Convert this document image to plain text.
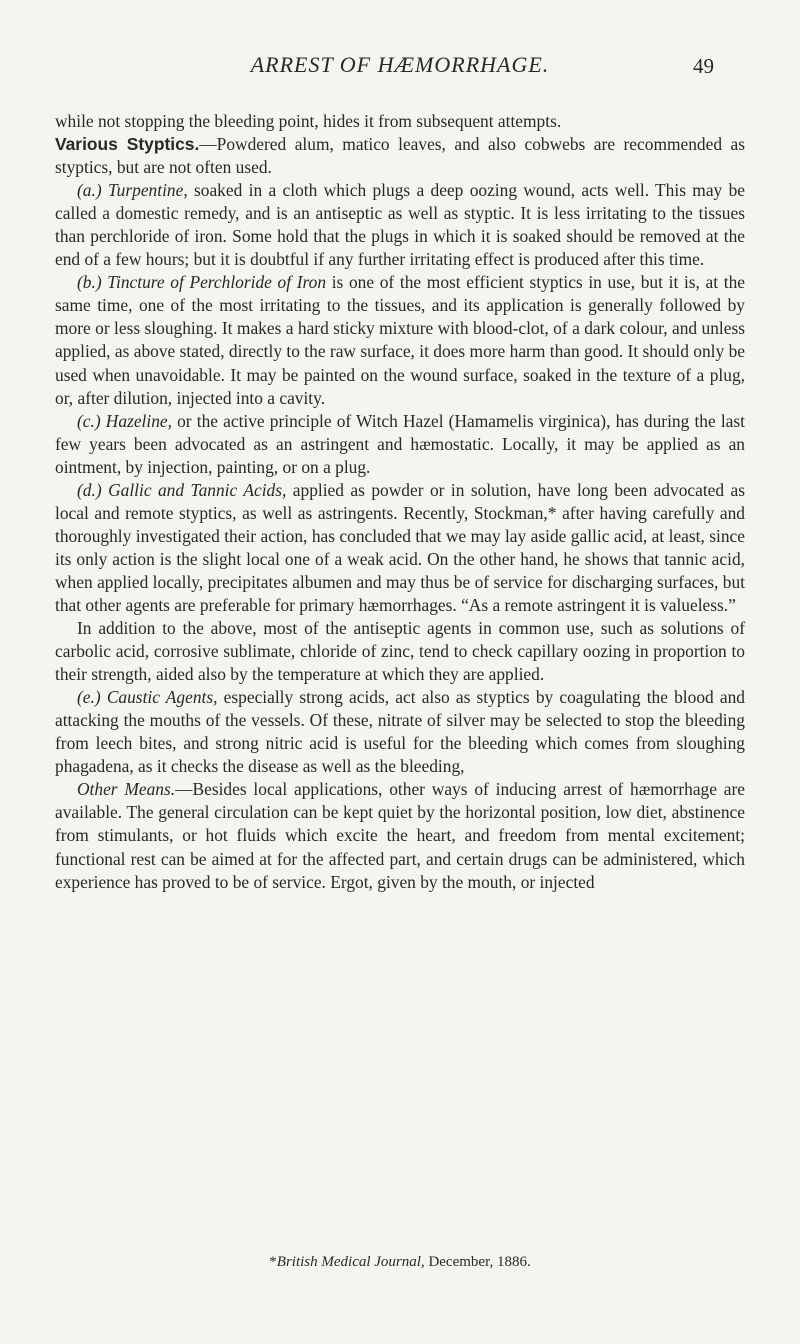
ARREST OF HÆMORRHAGE.	49

while not stopping the bleeding point, hides it from subsequent attempts.

Various Styptics.—Powdered alum, matico leaves, and also cobwebs are recommended as styptics, but are not often used.

(a.) Turpentine, soaked in a cloth which plugs a deep oozing wound, acts well. This may be called a domestic remedy, and is an antiseptic as well as styptic. It is less irritating to the tissues than perchloride of iron. Some hold that the plugs in which it is soaked should be removed at the end of a few hours; but it is doubtful if any further irritating effect is produced after this time.

(b.) Tincture of Perchloride of Iron is one of the most efficient styptics in use, but it is, at the same time, one of the most irritating to the tissues, and its application is generally followed by more or less sloughing. It makes a hard sticky mixture with blood-clot, of a dark colour, and unless applied, as above stated, directly to the raw surface, it does more harm than good. It should only be used when unavoidable. It may be painted on the wound surface, soaked in the texture of a plug, or, after dilution, injected into a cavity.

(c.) Hazeline, or the active principle of Witch Hazel (Hamamelis virginica), has during the last few years been advocated as an astringent and hæmostatic. Locally, it may be applied as an ointment, by injection, painting, or on a plug.

(d.) Gallic and Tannic Acids, applied as powder or in solution, have long been advocated as local and remote styptics, as well as astringents. Recently, Stockman,* after having carefully and thoroughly investigated their action, has concluded that we may lay aside gallic acid, at least, since its only action is the slight local one of a weak acid. On the other hand, he shows that tannic acid, when applied locally, precipitates albumen and may thus be of service for discharging surfaces, but that other agents are preferable for primary hæmorrhages. “As a remote astringent it is valueless.”

In addition to the above, most of the antiseptic agents in common use, such as solutions of carbolic acid, corrosive sublimate, chloride of zinc, tend to check capillary oozing in proportion to their strength, aided also by the temperature at which they are applied.

(e.) Caustic Agents, especially strong acids, act also as styptics by coagulating the blood and attacking the mouths of the vessels. Of these, nitrate of silver may be selected to stop the bleeding from leech bites, and strong nitric acid is useful for the bleeding which comes from sloughing phagadena, as it checks the disease as well as the bleeding,

Other Means.—Besides local applications, other ways of inducing arrest of hæmorrhage are available. The general circulation can be kept quiet by the horizontal position, low diet, abstinence from stimulants, or hot fluids which excite the heart, and freedom from mental excitement; functional rest can be aimed at for the affected part, and certain drugs can be administered, which experience has proved to be of service. Ergot, given by the mouth, or injected

*British Medical Journal, December, 1886.
